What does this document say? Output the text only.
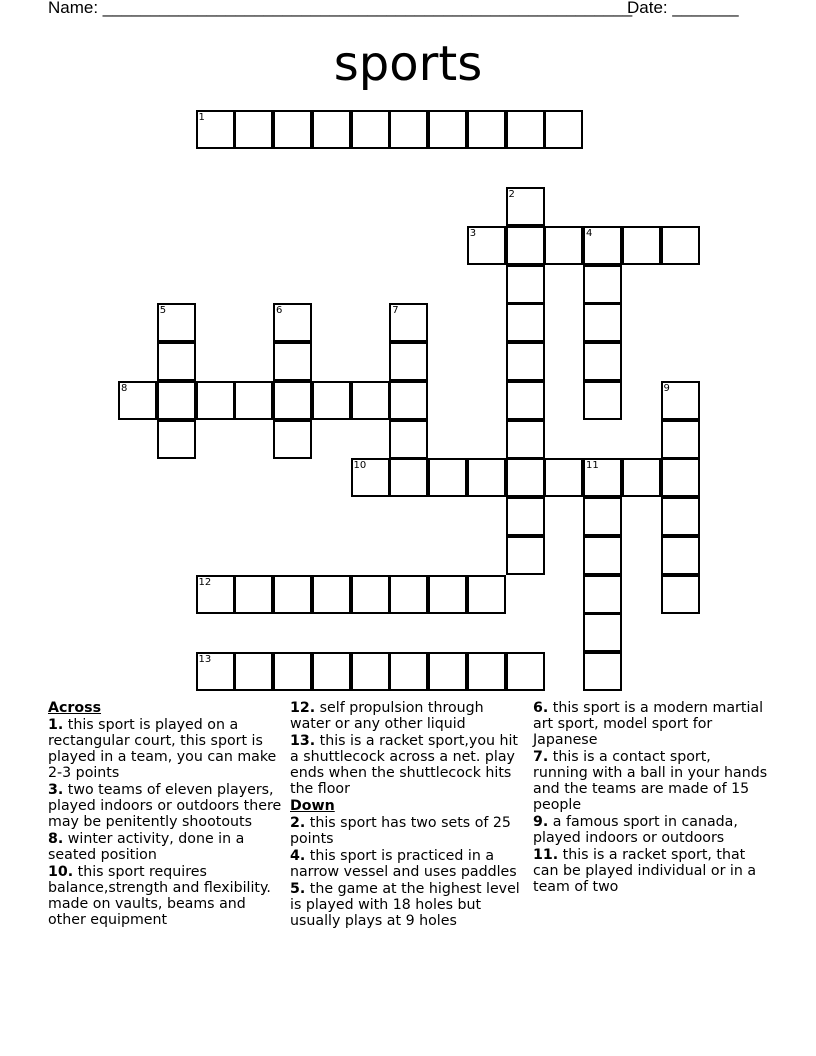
Name: ________________________________________________________
Date: _______
sports
1
2
3	4
5	6	7
8	9
10	11
12
13
Across
1. this sport is played on a rectangular court, this sport is played in a team, you can make 2-3 points
3. two teams of eleven players, played indoors or outdoors there may be penitently shootouts
8. winter activity, done in a seated position
10. this sport requires balance,strength and flexibility. made on vaults, beams and other equipment
12. self propulsion through water or any other liquid
13. this is a racket sport,you hit a shuttlecock across a net. play ends when the shuttlecock hits the floor
Down
2. this sport has two sets of 25 points
4. this sport is practiced in a narrow vessel and uses paddles
5. the game at the highest level is played with 18 holes but usually plays at 9 holes
6. this sport is a modern martial art sport, model sport for Japanese
7. this is a contact sport, running with a ball in your hands and the teams are made of 15 people
9. a famous sport in canada, played indoors or outdoors
11. this is a racket sport, that can be played individual or in a team of two
